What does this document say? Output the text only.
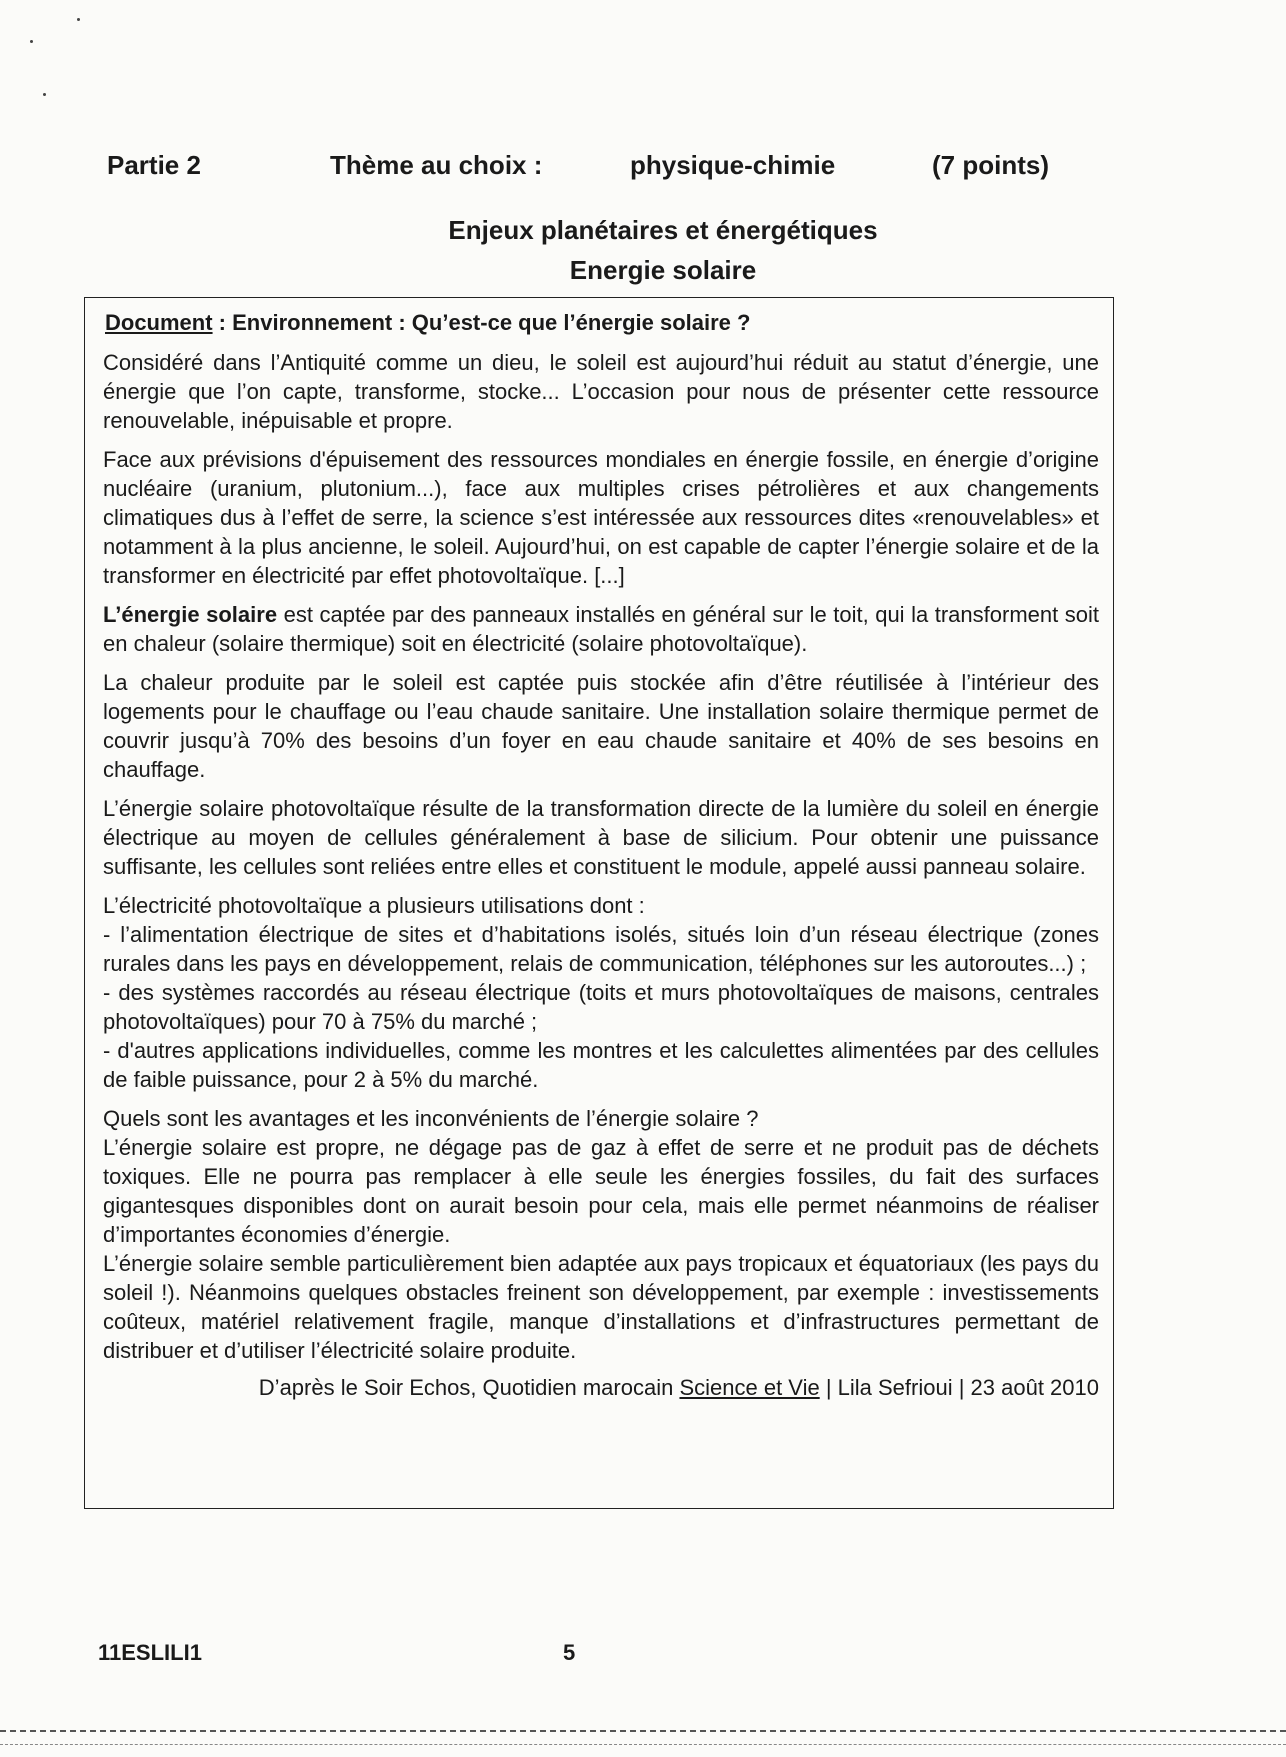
Partie 2	Thème au choix :	physique-chimie	(7 points)
Enjeux planétaires et énergétiques
Energie solaire
Document : Environnement : Qu’est-ce que l’énergie solaire ?

Considéré dans l’Antiquité comme un dieu, le soleil est aujourd’hui réduit au statut d’énergie, une énergie que l’on capte, transforme, stocke... L’occasion pour nous de présenter cette ressource renouvelable, inépuisable et propre.

Face aux prévisions d'épuisement des ressources mondiales en énergie fossile, en énergie d’origine nucléaire (uranium, plutonium...), face aux multiples crises pétrolières et aux changements climatiques dus à l’effet de serre, la science s’est intéressée aux ressources dites «renouvelables» et notamment à la plus ancienne, le soleil. Aujourd’hui, on est capable de capter l’énergie solaire et de la transformer en électricité par effet photovoltaïque. [...]

L’énergie solaire est captée par des panneaux installés en général sur le toit, qui la transforment soit en chaleur (solaire thermique) soit en électricité (solaire photovoltaïque).

La chaleur produite par le soleil est captée puis stockée afin d’être réutilisée à l’intérieur des logements pour le chauffage ou l’eau chaude sanitaire. Une installation solaire thermique permet de couvrir jusqu’à 70% des besoins d’un foyer en eau chaude sanitaire et 40% de ses besoins en chauffage.

L’énergie solaire photovoltaïque résulte de la transformation directe de la lumière du soleil en énergie électrique au moyen de cellules généralement à base de silicium. Pour obtenir une puissance suffisante, les cellules sont reliées entre elles et constituent le module, appelé aussi panneau solaire.

L’électricité photovoltaïque a plusieurs utilisations dont :
- l’alimentation électrique de sites et d’habitations isolés, situés loin d’un réseau électrique (zones rurales dans les pays en développement, relais de communication, téléphones sur les autoroutes...) ;
- des systèmes raccordés au réseau électrique (toits et murs photovoltaïques de maisons, centrales photovoltaïques) pour 70 à 75% du marché ;
- d'autres applications individuelles, comme les montres et les calculettes alimentées par des cellules de faible puissance, pour 2 à 5% du marché.
Quels sont les avantages et les inconvénients de l’énergie solaire ?
L’énergie solaire est propre, ne dégage pas de gaz à effet de serre et ne produit pas de déchets toxiques. Elle ne pourra pas remplacer à elle seule les énergies fossiles, du fait des surfaces gigantesques disponibles dont on aurait besoin pour cela, mais elle permet néanmoins de réaliser d’importantes économies d’énergie.
L’énergie solaire semble particulièrement bien adaptée aux pays tropicaux et équatoriaux (les pays du soleil !). Néanmoins quelques obstacles freinent son développement, par exemple : investissements coûteux, matériel relativement fragile, manque d’installations et d’infrastructures permettant de distribuer et d’utiliser l’électricité solaire produite.
D’après le Soir Echos, Quotidien marocain Science et Vie | Lila Sefrioui | 23 août 2010
11ESLILI1	5
